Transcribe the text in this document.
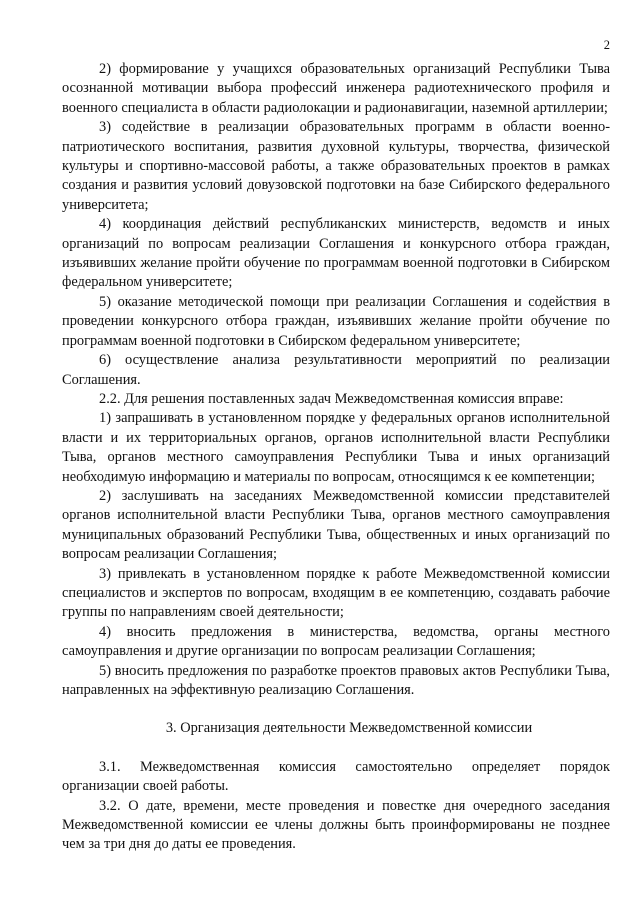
2

2) формирование у учащихся образовательных организаций Республики Тыва осознанной мотивации выбора профессий инженера радиотехнического профиля и военного специалиста в области радиолокации и радионавигации, наземной артиллерии;

3) содействие в реализации образовательных программ в области военно-патриотического воспитания, развития духовной культуры, творчества, физической культуры и спортивно-массовой работы, а также образовательных проектов в рамках создания и развития условий довузовской подготовки на базе Сибирского федерального университета;

4) координация действий республиканских министерств, ведомств и иных организаций по вопросам реализации Соглашения и конкурсного отбора граждан, изъявивших желание пройти обучение по программам военной подготовки в Сибирском федеральном университете;

5) оказание методической помощи при реализации Соглашения и содействия в проведении конкурсного отбора граждан, изъявивших желание пройти обучение по программам военной подготовки в Сибирском федеральном университете;

6) осуществление анализа результативности мероприятий по реализации Соглашения.

2.2. Для решения поставленных задач Межведомственная комиссия вправе:

1) запрашивать в установленном порядке у федеральных органов исполнительной власти и их территориальных органов, органов исполнительной власти Республики Тыва, органов местного самоуправления Республики Тыва и иных организаций необходимую информацию и материалы по вопросам, относящимся к ее компетенции;

2) заслушивать на заседаниях Межведомственной комиссии представителей органов исполнительной власти Республики Тыва, органов местного самоуправления муниципальных образований Республики Тыва, общественных и иных организаций по вопросам реализации Соглашения;

3) привлекать в установленном порядке к работе Межведомственной комиссии специалистов и экспертов по вопросам, входящим в ее компетенцию, создавать рабочие группы по направлениям своей деятельности;

4) вносить предложения в министерства, ведомства, органы местного самоуправления и другие организации по вопросам реализации Соглашения;

5) вносить предложения по разработке проектов правовых актов Республики Тыва, направленных на эффективную реализацию Соглашения.

3. Организация деятельности Межведомственной комиссии

3.1. Межведомственная комиссия самостоятельно определяет порядок организации своей работы.

3.2. О дате, времени, месте проведения и повестке дня очередного заседания Межведомственной комиссии ее члены должны быть проинформированы не позднее чем за три дня до даты ее проведения.
